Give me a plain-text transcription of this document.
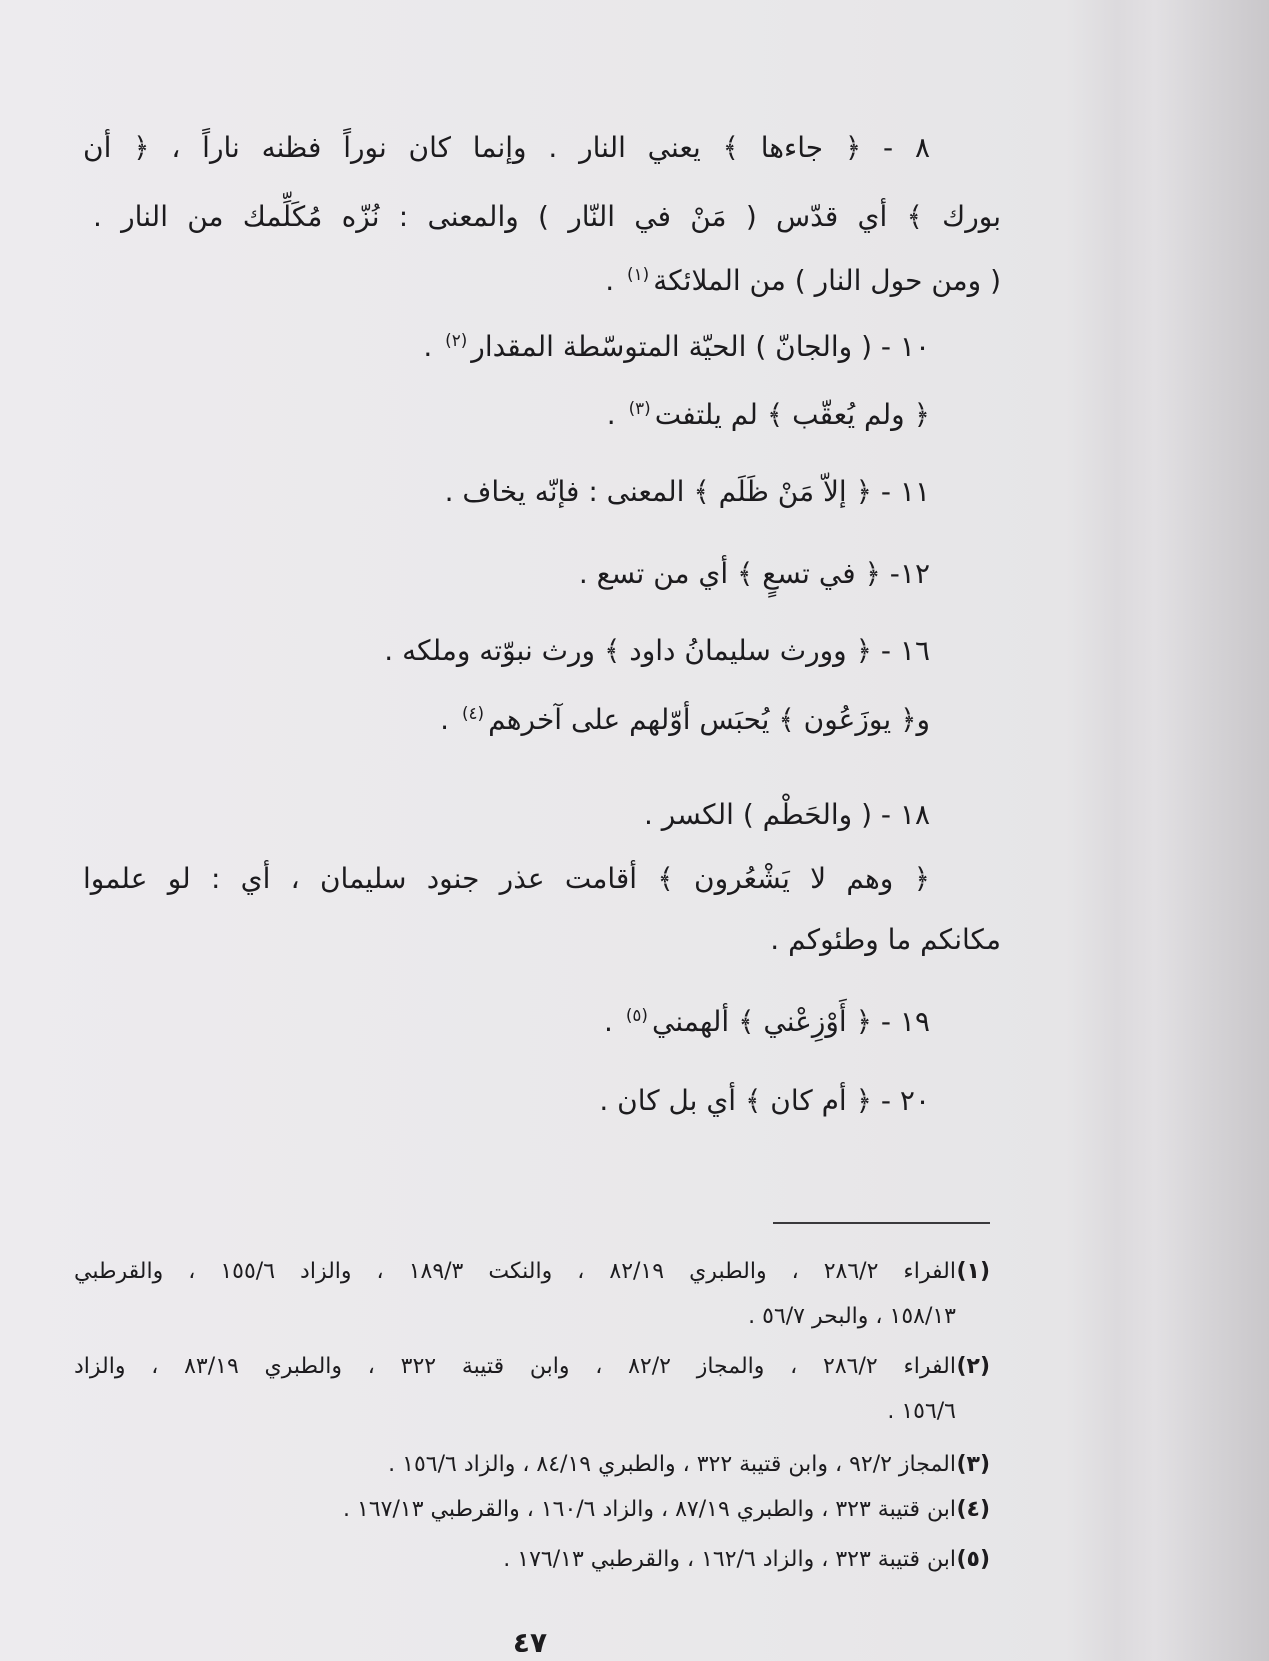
٨ - ﴿ جاءها ﴾ يعني النار . وإنما كان نوراً فظنه ناراً ، ﴿ أن
بورك ﴾ أي قدّس ( مَنْ في النّار ) والمعنى : نُزّه مُكَلِّمك من النار .
( ومن حول النار ) من الملائكة$^{(١)}$ .
١٠ - ( والجانّ ) الحيّة المتوسّطة المقدار$^{(٢)}$ .
﴿ ولم يُعقّب ﴾ لم يلتفت$^{(٣)}$ .
١١ - ﴿ إلاّ مَنْ ظَلَم ﴾ المعنى : فإنّه يخاف .
١٢- ﴿ في تسعٍ ﴾ أي من تسع .
١٦ - ﴿ وورث سليمانُ داود ﴾ ورث نبوّته وملكه .
و﴿ يوزَعُون ﴾ يُحبَس أوّلهم على آخرهم$^{(٤)}$ .
١٨ - ( والحَطْم ) الكسر .
﴿ وهم لا يَشْعُرون ﴾ أقامت عذر جنود سليمان ، أي : لو علموا
مكانكم ما وطئوكم .
١٩ - ﴿ أَوْزِعْني ﴾ ألهمني$^{(٥)}$ .
٢٠ - ﴿ أم كان ﴾ أي بل كان .
(١)
الفراء ٢٨٦/٢ ، والطبري ٨٢/١٩ ، والنكت ١٨٩/٣ ، والزاد ١٥٥/٦ ، والقرطبي
١٥٨/١٣ ، والبحر ٥٦/٧ .
(٢)
الفراء ٢٨٦/٢ ، والمجاز ٨٢/٢ ، وابن قتيبة ٣٢٢ ، والطبري ٨٣/١٩ ، والزاد
١٥٦/٦ .
(٣)
المجاز ٩٢/٢ ، وابن قتيبة ٣٢٢ ، والطبري ٨٤/١٩ ، والزاد ١٥٦/٦ .
(٤)
ابن قتيبة ٣٢٣ ، والطبري ٨٧/١٩ ، والزاد ١٦٠/٦ ، والقرطبي ١٦٧/١٣ .
(٥)
ابن قتيبة ٣٢٣ ، والزاد ١٦٢/٦ ، والقرطبي ١٧٦/١٣ .
٤٧
